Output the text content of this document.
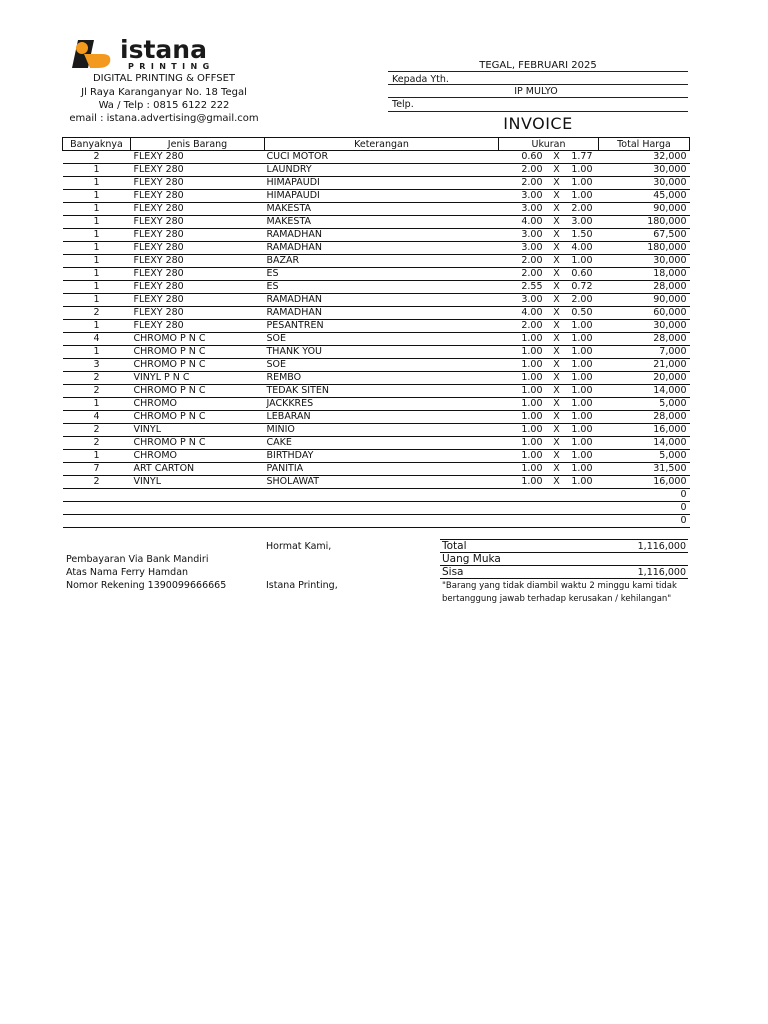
istana
PRINTING
DIGITAL PRINTING & OFFSET
Jl Raya Karanganyar No. 18 Tegal
Wa / Telp : 0815 6122 222
email : istana.advertising@gmail.com
TEGAL, FEBRUARI 2025
Kepada Yth.
IP MULYO
Telp.
INVOICE
Banyaknya	Jenis Barang	Keterangan	Ukuran	Total Harga
2	FLEXY 280	CUCI MOTOR	0.60 X 1.77	32,000
1	FLEXY 280	LAUNDRY	2.00 X 1.00	30,000
1	FLEXY 280	HIMAPAUDI	2.00 X 1.00	30,000
1	FLEXY 280	HIMAPAUDI	3.00 X 1.00	45,000
1	FLEXY 280	MAKESTA	3.00 X 2.00	90,000
1	FLEXY 280	MAKESTA	4.00 X 3.00	180,000
1	FLEXY 280	RAMADHAN	3.00 X 1.50	67,500
1	FLEXY 280	RAMADHAN	3.00 X 4.00	180,000
1	FLEXY 280	BAZAR	2.00 X 1.00	30,000
1	FLEXY 280	ES	2.00 X 0.60	18,000
1	FLEXY 280	ES	2.55 X 0.72	28,000
1	FLEXY 280	RAMADHAN	3.00 X 2.00	90,000
2	FLEXY 280	RAMADHAN	4.00 X 0.50	60,000
1	FLEXY 280	PESANTREN	2.00 X 1.00	30,000
4	CHROMO P N C	SOE	1.00 X 1.00	28,000
1	CHROMO P N C	THANK YOU	1.00 X 1.00	7,000
3	CHROMO P N C	SOE	1.00 X 1.00	21,000
2	VINYL P N C	REMBO	1.00 X 1.00	20,000
2	CHROMO P N C	TEDAK SITEN	1.00 X 1.00	14,000
1	CHROMO	JACKKRES	1.00 X 1.00	5,000
4	CHROMO P N C	LEBARAN	1.00 X 1.00	28,000
2	VINYL	MINIO	1.00 X 1.00	16,000
2	CHROMO P N C	CAKE	1.00 X 1.00	14,000
1	CHROMO	BIRTHDAY	1.00 X 1.00	5,000
7	ART CARTON	PANITIA	1.00 X 1.00	31,500
2	VINYL	SHOLAWAT	1.00 X 1.00	16,000

	0

	0

	0
Hormat Kami,
Istana Printing,
Pembayaran Via Bank Mandiri
Atas Nama Ferry Hamdan
Nomor Rekening 1390099666665
Total	1,116,000
Uang Muka
Sisa	1,116,000
"Barang yang tidak diambil waktu 2 minggu kami tidak bertanggung jawab terhadap kerusakan / kehilangan"
